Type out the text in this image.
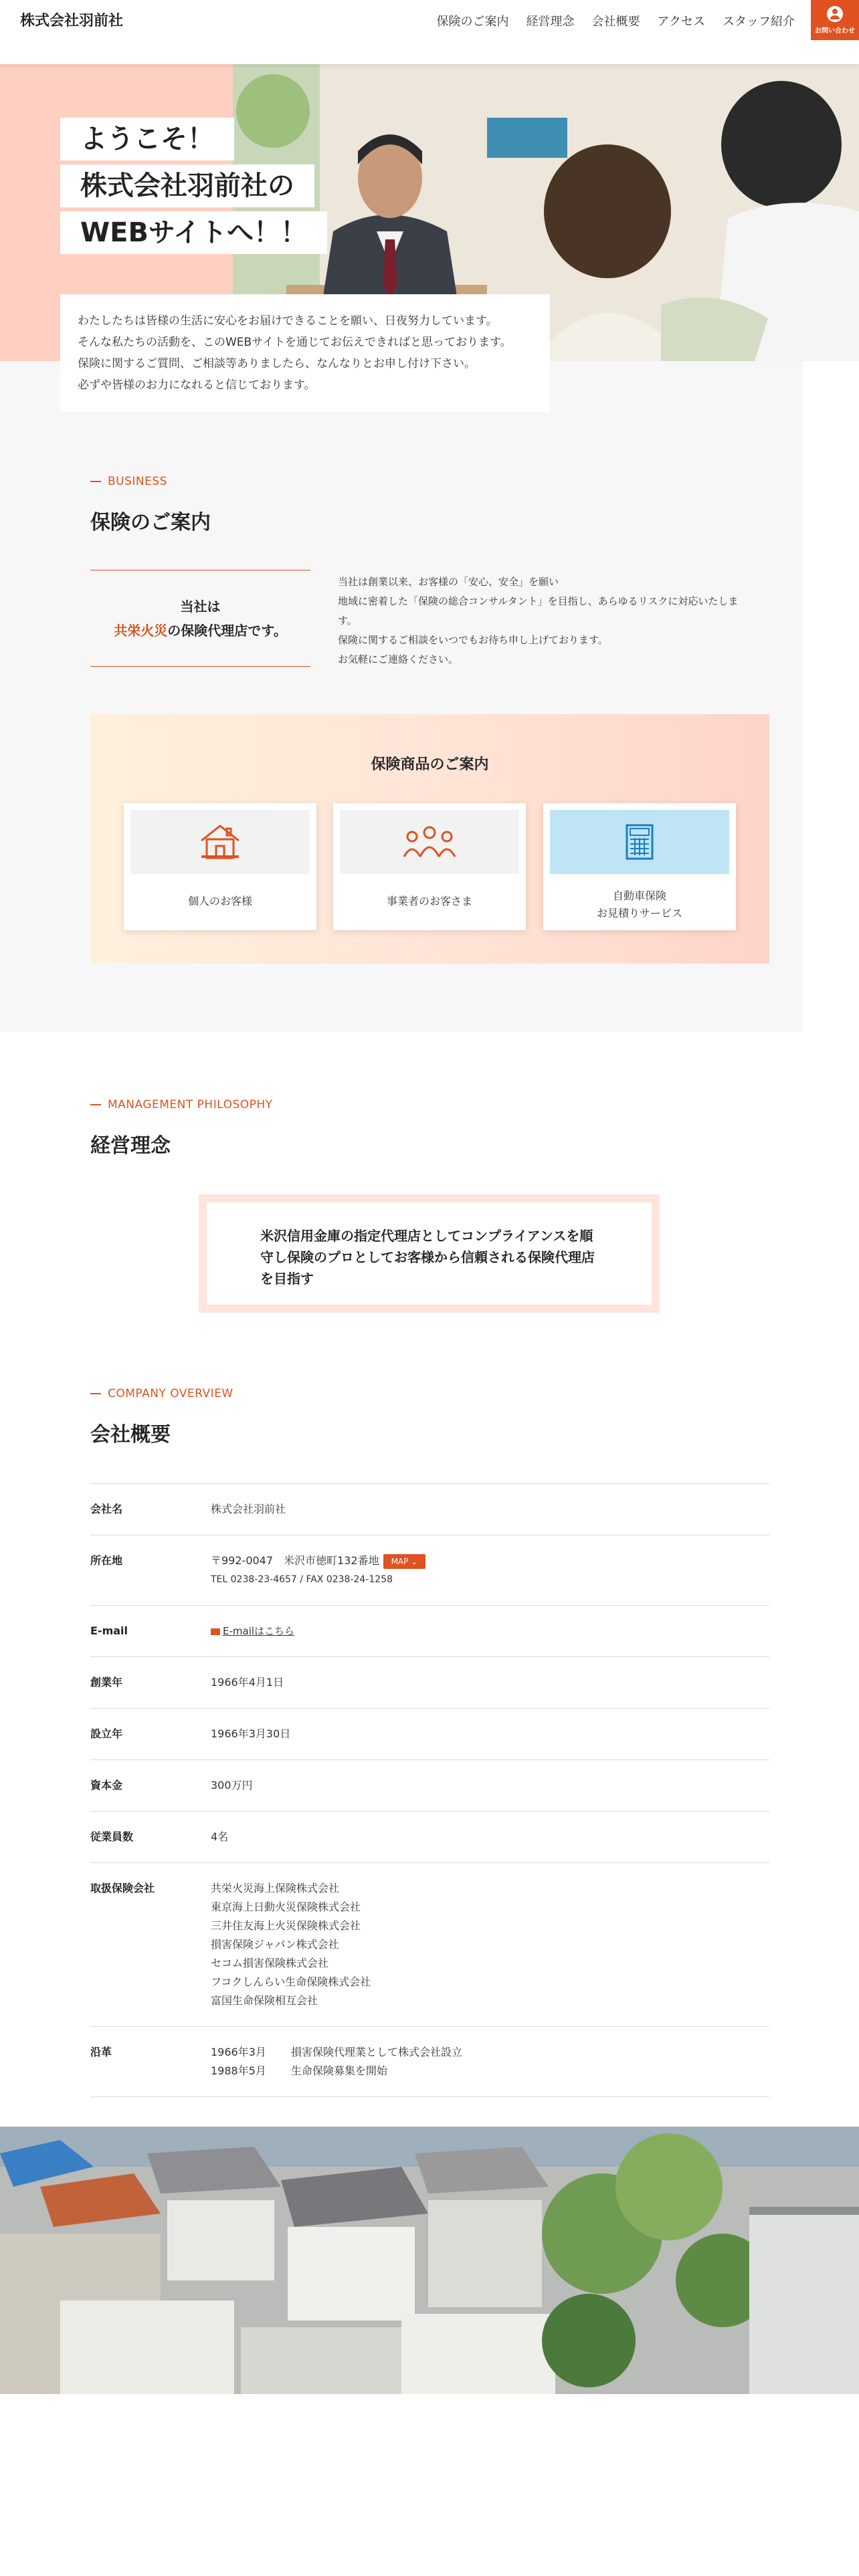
株式会社羽前社	保険のご案内 経営理念 会社概要 アクセス スタッフ紹介
お問い合わせ
ようこそ！
株式会社羽前社の
WEBサイトへ！！
わたしたちは皆様の生活に安心をお届けできることを願い、日夜努力しています。
そんな私たちの活動を、このWEBサイトを通じてお伝えできればと思っております。
保険に関するご質問、ご相談等ありましたら、なんなりとお申し付け下さい。
必ずや皆様のお力になれると信じております。
BUSINESS
保険のご案内

当社は

共栄火災の保険代理店です。

当社は創業以来、お客様の「安心、安全」を願い
地域に密着した「保険の総合コンサルタント」を目指し、あらゆるリスクに対応いたしま
す。
保険に関するご相談をいつでもお待ち申し上げております。
お気軽にご連絡ください。
保険商品のご案内
個人のお客様	事業者のお客さま	自動車保険
お見積りサービス
MANAGEMENT PHILOSOPHY
経営理念

米沢信用金庫の指定代理店としてコンプライアンスを順
守し保険のプロとしてお客様から信頼される保険代理店
を目指す

COMPANY OVERVIEW
会社概要
会社名	株式会社羽前社
所在地	〒992-0047　米沢市徳町132番地 MAP ⌄
TEL 0238-23-4657 / FAX 0238-24-1258
E-mail	E-mailはこちら
創業年	1966年4月1日
設立年	1966年3月30日
資本金	300万円
従業員数	4名
取扱保険会社	共栄火災海上保険株式会社
東京海上日動火災保険株式会社
三井住友海上火災保険株式会社
損害保険ジャパン株式会社
セコム損害保険株式会社
フコクしんらい生命保険株式会社
富国生命保険相互会社
沿革	1966年3月	損害保険代理業として株式会社設立
1988年5月	生命保険募集を開始
